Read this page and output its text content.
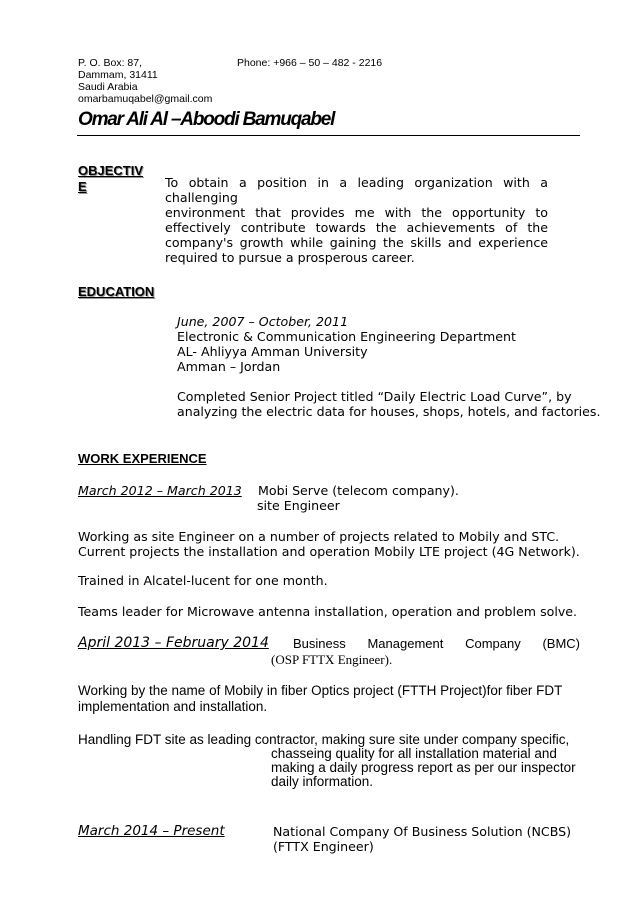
P. O. Box: 87,	Phone: +966 – 50 – 482 - 2216
Dammam, 31411
Saudi Arabia
omarbamuqabel@gmail.com
Omar Ali Al –Aboodi Bamuqabel
OBJECTIV
E	To obtain a position in a leading organization with a challenging
environment that provides me with the opportunity to
effectively contribute towards the achievements of the
company's growth while gaining the skills and experience
required to pursue a prosperous career.
EDUCATION
June, 2007 – October, 2011
Electronic & Communication Engineering Department
AL- Ahliyya Amman University
Amman – Jordan
Completed Senior Project titled “Daily Electric Load Curve”, by
analyzing the electric data for houses, shops, hotels, and factories.
WORK EXPERIENCE
March 2012 – March 2013 Mobi Serve (telecom company).
site Engineer
Working as site Engineer on a number of projects related to Mobily and STC.
Current projects the installation and operation Mobily LTE project (4G Network).
Trained in Alcatel-lucent for one month.
Teams leader for Microwave antenna installation, operation and problem solve.
April 2013 – February 2014 Business Management Company (BMC)
(OSP FTTX Engineer).
Working by the name of Mobily in fiber Optics project (FTTH Project)for fiber FDT
implementation and installation.
Handling FDT site as leading contractor, making sure site under company specific,
chasseing quality for all installation material and
making a daily progress report as per our inspector
daily information.
March 2014 – Present	National Company Of Business Solution (NCBS)
(FTTX Engineer)
